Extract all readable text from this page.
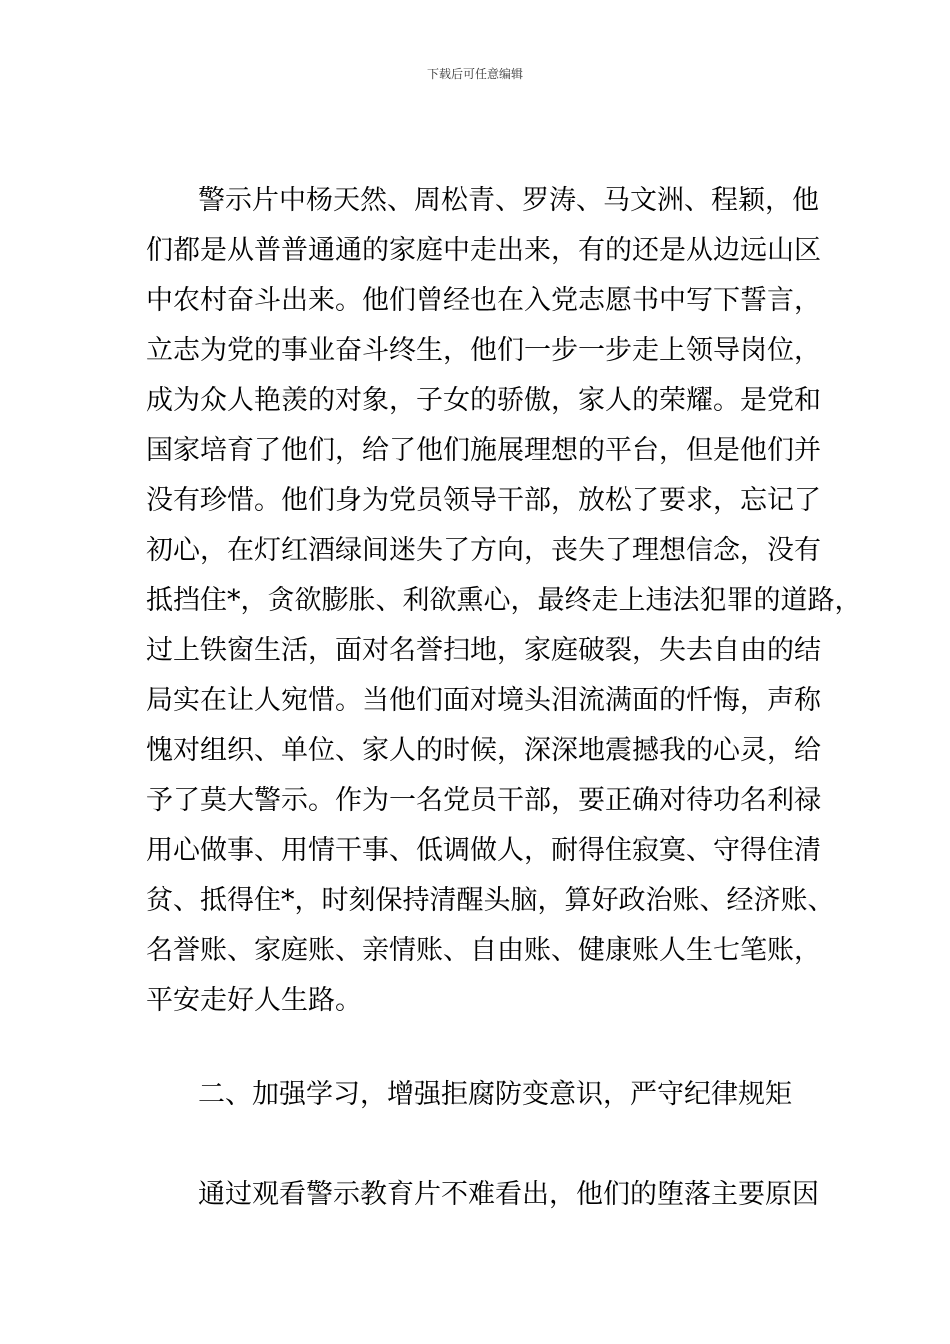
下载后可任意编辑
警示片中杨天然、周松青、罗涛、马文洲、程颖，他
们都是从普普通通的家庭中走出来，有的还是从边远山区
中农村奋斗出来。他们曾经也在入党志愿书中写下誓言，
立志为党的事业奋斗终生，他们一步一步走上领导岗位，
成为众人艳羡的对象，子女的骄傲，家人的荣耀。是党和
国家培育了他们，给了他们施展理想的平台，但是他们并
没有珍惜。他们身为党员领导干部，放松了要求，忘记了
初心，在灯红酒绿间迷失了方向，丧失了理想信念，没有
抵挡住*，贪欲膨胀、利欲熏心，最终走上违法犯罪的道路，
过上铁窗生活，面对名誉扫地，家庭破裂，失去自由的结
局实在让人宛惜。当他们面对境头泪流满面的忏悔，声称
愧对组织、单位、家人的时候，深深地震撼我的心灵，给
予了莫大警示。作为一名党员干部，要正确对待功名利禄
用心做事、用情干事、低调做人，耐得住寂寞、守得住清
贫、抵得住*，时刻保持清醒头脑，算好政治账、经济账、
名誉账、家庭账、亲情账、自由账、健康账人生七笔账，
平安走好人生路。
二、加强学习，增强拒腐防变意识，严守纪律规矩
通过观看警示教育片不难看出，他们的堕落主要原因
